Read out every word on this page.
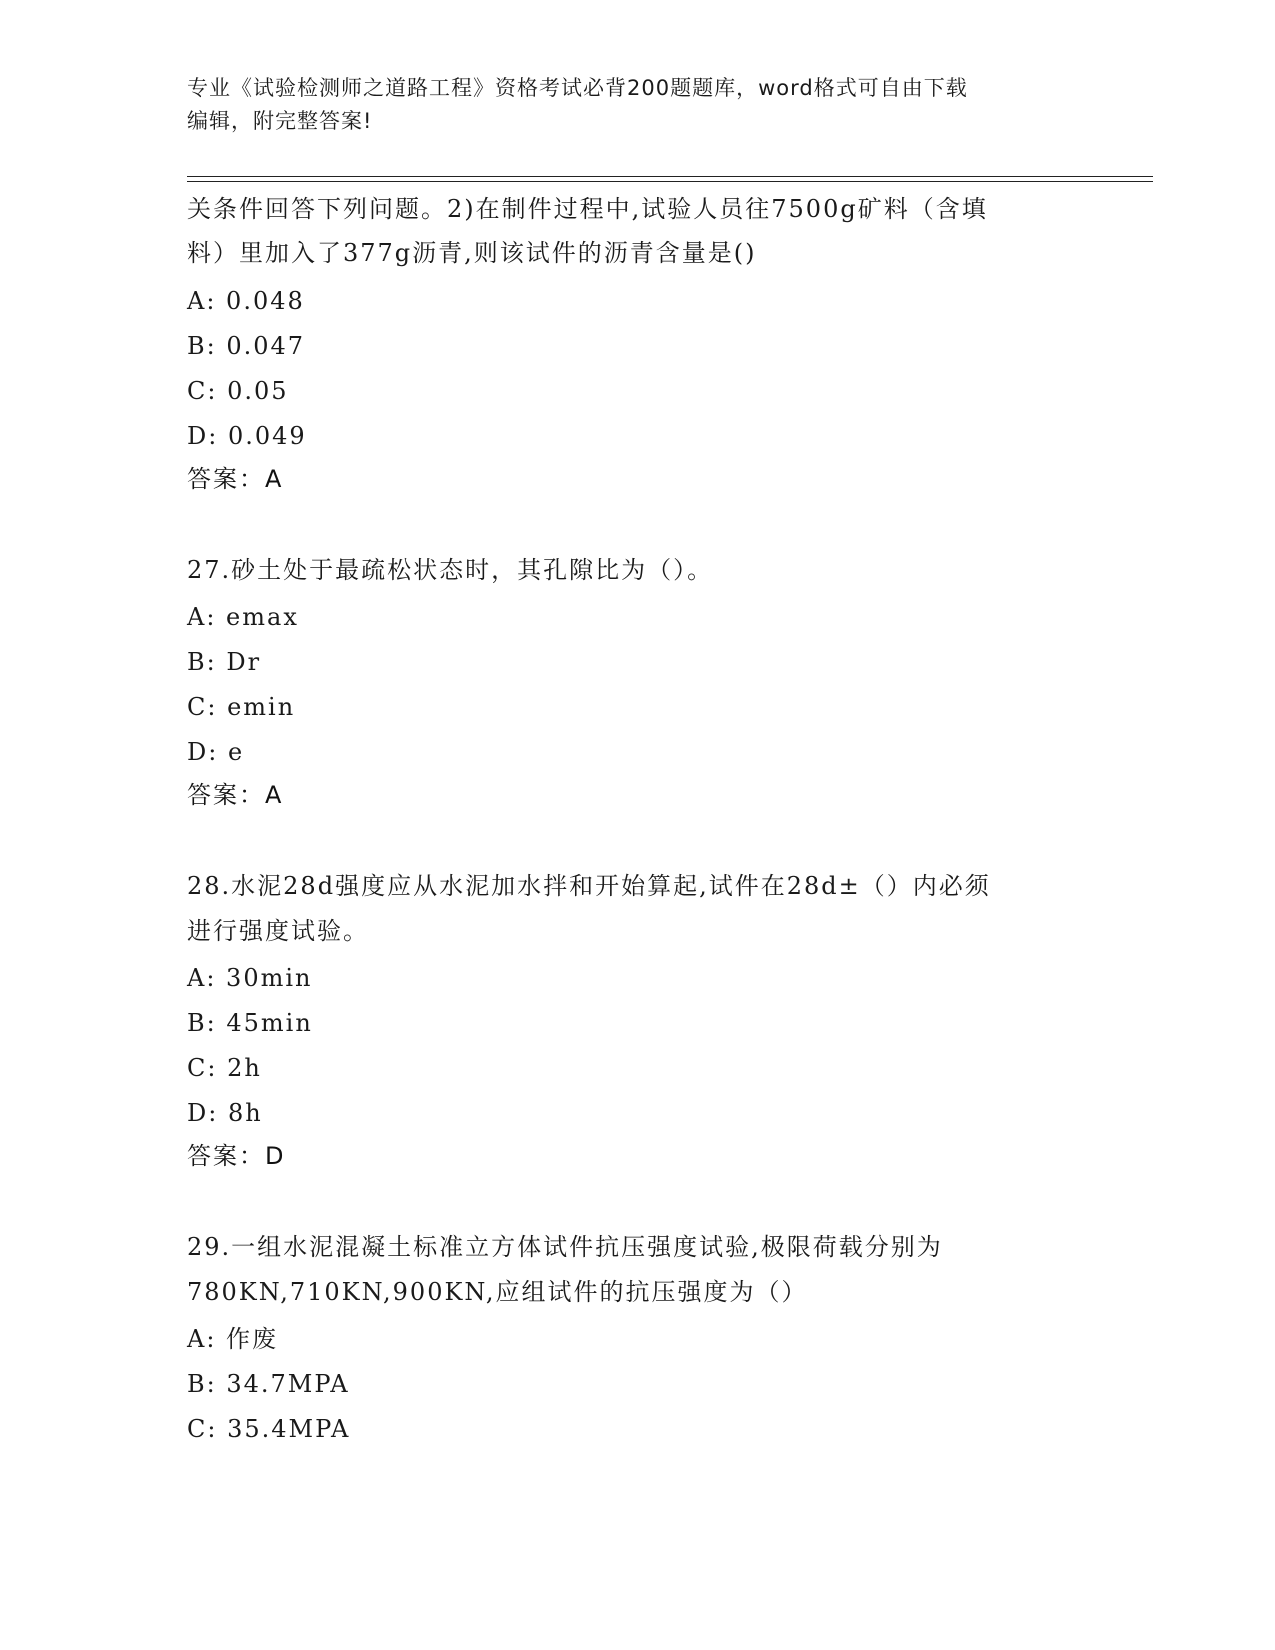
专业《试验检测师之道路工程》资格考试必背200题题库，word格式可自由下载
编辑，附完整答案!
关条件回答下列问题。2)在制件过程中,试验人员往7500g矿料（含填
料）里加入了377g沥青,则该试件的沥青含量是()
A: 0.048
B: 0.047
C: 0.05
D: 0.049
答案：A
27.砂土处于最疏松状态时，其孔隙比为（）。
A: emax
B: Dr
C: emin
D: e
答案：A
28.水泥28d强度应从水泥加水拌和开始算起,试件在28d±（）内必须
进行强度试验。
A: 30min
B: 45min
C: 2h
D: 8h
答案：D
29.一组水泥混凝土标准立方体试件抗压强度试验,极限荷载分别为
780KN,710KN,900KN,应组试件的抗压强度为（）
A: 作废
B: 34.7MPA
C: 35.4MPA
